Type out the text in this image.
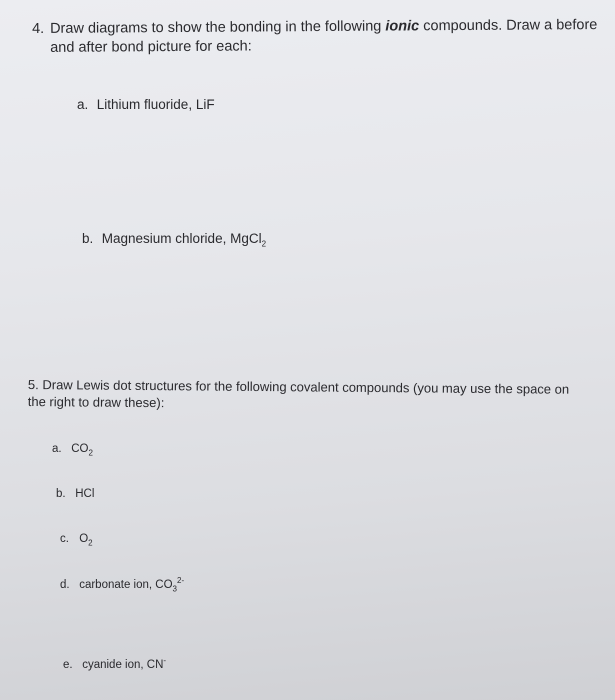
4. Draw diagrams to show the bonding in the following ionic compounds. Draw a before and after bond picture for each:
a. Lithium fluoride, LiF
b. Magnesium chloride, MgCl$_2$
5. Draw Lewis dot structures for the following covalent compounds (you may use the space on the right to draw these):
a. $CO_2$
b. HCl
c. $O_2$
d. carbonate ion, $CO_3^{2-}$
e. cyanide ion, CN-
